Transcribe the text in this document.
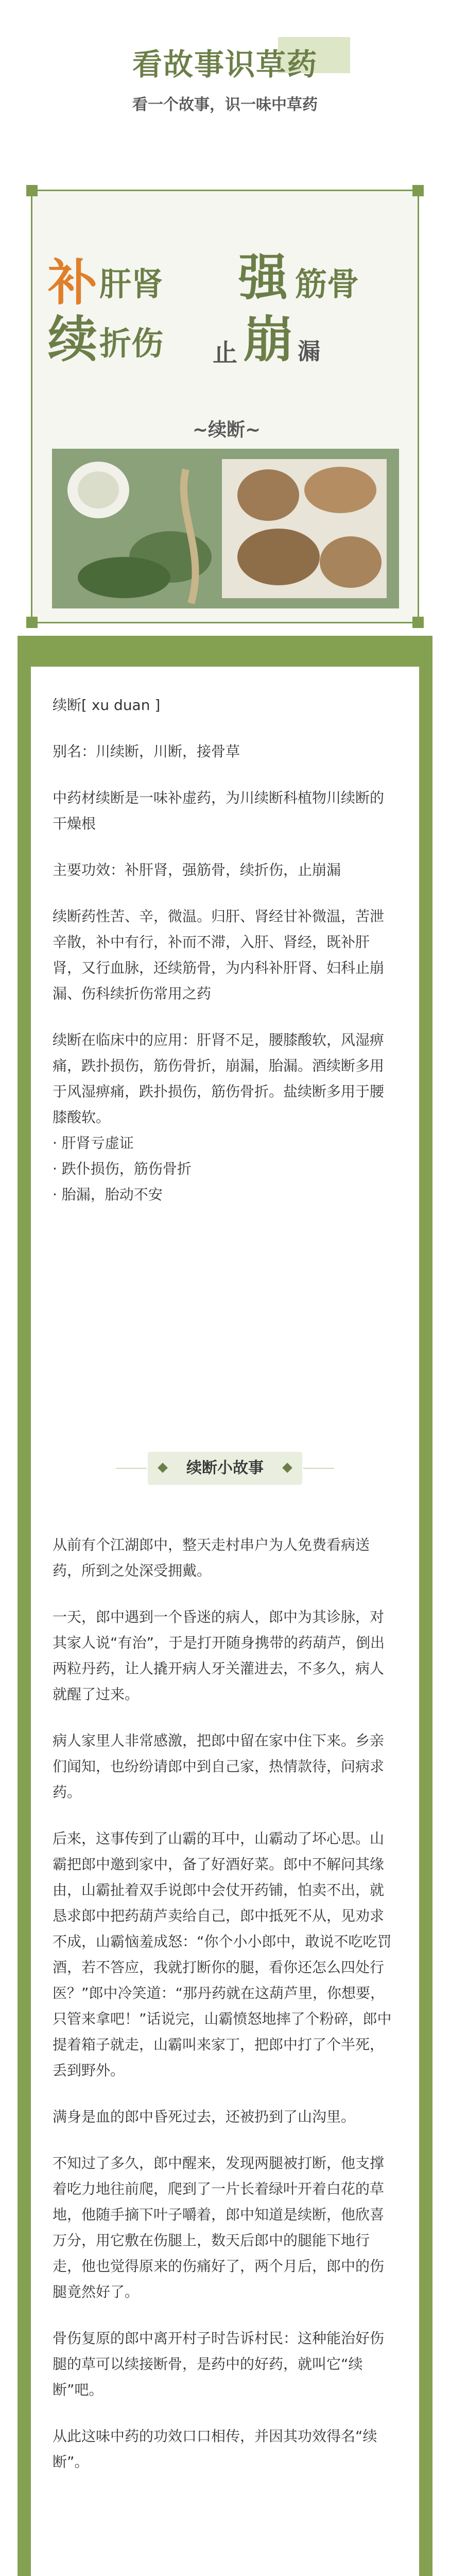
看故事识草药
看一个故事，识一味中草药
补 肝肾 强 筋骨
续 折伤 止 崩 漏
~续断~

续断[ xu duan ]

别名：川续断，川断，接骨草

中药材续断是一味补虚药，为川续断科植物川续断的干燥根

主要功效：补肝肾，强筋骨，续折伤，止崩漏

续断药性苦、辛，微温。归肝、肾经甘补微温，苦泄辛散，补中有行，补而不滞，入肝、肾经，既补肝肾，又行血脉，还续筋骨，为内科补肝肾、妇科止崩漏、伤科续折伤常用之药

续断在临床中的应用：肝肾不足，腰膝酸软，风湿痹痛，跌扑损伤，筋伤骨折，崩漏，胎漏。酒续断多用于风湿痹痛，跌扑损伤，筋伤骨折。盐续断多用于腰膝酸软。

· 肝肾亏虚证

· 跌仆损伤，筋伤骨折

· 胎漏，胎动不安

续断小故事

从前有个江湖郎中，整天走村串户为人免费看病送药，所到之处深受拥戴。

一天，郎中遇到一个昏迷的病人，郎中为其诊脉，对其家人说“有治”，于是打开随身携带的药葫芦，倒出两粒丹药，让人撬开病人牙关灌进去，不多久，病人就醒了过来。

病人家里人非常感激，把郎中留在家中住下来。乡亲们闻知，也纷纷请郎中到自己家，热情款待，问病求药。

后来，这事传到了山霸的耳中，山霸动了坏心思。山霸把郎中邀到家中，备了好酒好菜。郎中不解问其缘由，山霸扯着双手说郎中会仗开药铺，怕卖不出，就恳求郎中把药葫芦卖给自己，郎中抵死不从，见劝求不成，山霸恼羞成怒：“你个小小郎中，敢说不吃吃罚酒，若不答应，我就打断你的腿，看你还怎么四处行医？”郎中冷笑道：“那丹药就在这葫芦里，你想要，只管来拿吧！”话说完，山霸愤怒地摔了个粉碎，郎中提着箱子就走，山霸叫来家丁，把郎中打了个半死，丢到野外。

满身是血的郎中昏死过去，还被扔到了山沟里。

不知过了多久，郎中醒来，发现两腿被打断，他支撑着吃力地往前爬，爬到了一片长着绿叶开着白花的草地，他随手摘下叶子嚼着，郎中知道是续断，他欣喜万分，用它敷在伤腿上，数天后郎中的腿能下地行走，他也觉得原来的伤痛好了，两个月后，郎中的伤腿竟然好了。

骨伤复原的郎中离开村子时告诉村民：这种能治好伤腿的草可以续接断骨，是药中的好药，就叫它“续断”吧。

从此这味中药的功效口口相传，并因其功效得名“续断”。
